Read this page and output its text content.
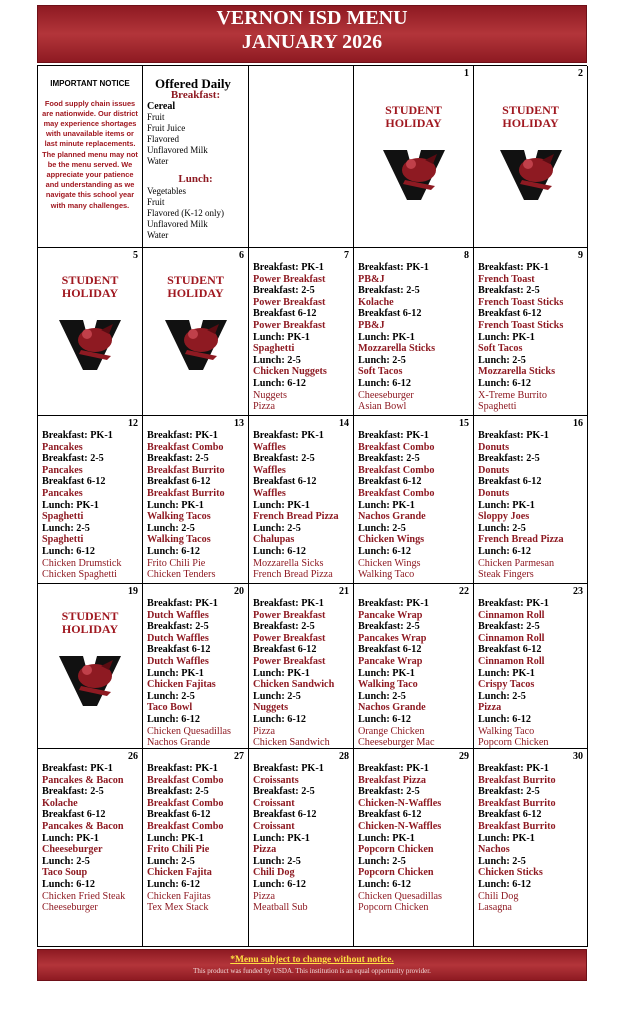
VERNON ISD MENU
JANUARY 2026
IMPORTANT NOTICE
Food supply chain issues are nationwide. Our district may experience shortages with unavailable items or last minute replacements. The planned menu may not be the menu served. We appreciate your patience and understanding as we navigate this school year with many challenges.
Offered Daily
Breakfast:
Cereal
Fruit
Fruit Juice
Flavored
Unflavored Milk
Water
Lunch:
Vegetables
Fruit
Flavored (K-12 only)
Unflavored Milk
Water
1
STUDENT HOLIDAY
2
STUDENT HOLIDAY
5
STUDENT HOLIDAY
6
STUDENT HOLIDAY
7
Breakfast: PK-1
Power Breakfast
Breakfast: 2-5
Power Breakfast
Breakfast 6-12
Power Breakfast
Lunch: PK-1
Spaghetti
Lunch: 2-5
Chicken Nuggets
Lunch: 6-12
Nuggets
Pizza
8
Breakfast: PK-1
PB&J
Breakfast: 2-5
Kolache
Breakfast 6-12
PB&J
Lunch: PK-1
Mozzarella Sticks
Lunch: 2-5
Soft Tacos
Lunch: 6-12
Cheeseburger
Asian Bowl
9
Breakfast: PK-1
French Toast
Breakfast: 2-5
French Toast Sticks
Breakfast 6-12
French Toast Sticks
Lunch: PK-1
Soft Tacos
Lunch: 2-5
Mozzarella Sticks
Lunch: 6-12
X-Treme Burrito
Spaghetti
12
Breakfast: PK-1
Pancakes
Breakfast: 2-5
Pancakes
Breakfast 6-12
Pancakes
Lunch: PK-1
Spaghetti
Lunch: 2-5
Spaghetti
Lunch: 6-12
Chicken Drumstick
Chicken Spaghetti
13
Breakfast: PK-1
Breakfast Combo
Breakfast: 2-5
Breakfast Burrito
Breakfast 6-12
Breakfast Burrito
Lunch: PK-1
Walking Tacos
Lunch: 2-5
Walking Tacos
Lunch: 6-12
Frito Chili Pie
Chicken Tenders
14
Breakfast: PK-1
Waffles
Breakfast: 2-5
Waffles
Breakfast 6-12
Waffles
Lunch: PK-1
French Bread Pizza
Lunch: 2-5
Chalupas
Lunch: 6-12
Mozzarella Sicks
French Bread Pizza
15
Breakfast: PK-1
Breakfast Combo
Breakfast: 2-5
Breakfast Combo
Breakfast 6-12
Breakfast Combo
Lunch: PK-1
Nachos Grande
Lunch: 2-5
Chicken Wings
Lunch: 6-12
Chicken Wings
Walking Taco
16
Breakfast: PK-1
Donuts
Breakfast: 2-5
Donuts
Breakfast 6-12
Donuts
Lunch: PK-1
Sloppy Joes
Lunch: 2-5
French Bread Pizza
Lunch: 6-12
Chicken Parmesan
Steak Fingers
19
STUDENT HOLIDAY
20
Breakfast: PK-1
Dutch Waffles
Breakfast: 2-5
Dutch Waffles
Breakfast 6-12
Dutch Waffles
Lunch: PK-1
Chicken Fajitas
Lunch: 2-5
Taco Bowl
Lunch: 6-12
Chicken Quesadillas
Nachos Grande
21
Breakfast: PK-1
Power Breakfast
Breakfast: 2-5
Power Breakfast
Breakfast 6-12
Power Breakfast
Lunch: PK-1
Chicken Sandwich
Lunch: 2-5
Nuggets
Lunch: 6-12
Pizza
Chicken Sandwich
22
Breakfast: PK-1
Pancake Wrap
Breakfast: 2-5
Pancakes Wrap
Breakfast 6-12
Pancake Wrap
Lunch: PK-1
Walking Taco
Lunch: 2-5
Nachos Grande
Lunch: 6-12
Orange Chicken
Cheeseburger Mac
23
Breakfast: PK-1
Cinnamon Roll
Breakfast: 2-5
Cinnamon Roll
Breakfast 6-12
Cinnamon Roll
Lunch: PK-1
Crispy Tacos
Lunch: 2-5
Pizza
Lunch: 6-12
Walking Taco
Popcorn Chicken
26
Breakfast: PK-1
Pancakes & Bacon
Breakfast: 2-5
Kolache
Breakfast 6-12
Pancakes & Bacon
Lunch: PK-1
Cheeseburger
Lunch: 2-5
Taco Soup
Lunch: 6-12
Chicken Fried Steak
Cheeseburger
27
Breakfast: PK-1
Breakfast Combo
Breakfast: 2-5
Breakfast Combo
Breakfast 6-12
Breakfast Combo
Lunch: PK-1
Frito Chili Pie
Lunch: 2-5
Chicken Fajita
Lunch: 6-12
Chicken Fajitas
Tex Mex Stack
28
Breakfast: PK-1
Croissants
Breakfast: 2-5
Croissant
Breakfast 6-12
Croissant
Lunch: PK-1
Pizza
Lunch: 2-5
Chili Dog
Lunch: 6-12
Pizza
Meatball Sub
29
Breakfast: PK-1
Breakfast Pizza
Breakfast: 2-5
Chicken-N-Waffles
Breakfast 6-12
Chicken-N-Waffles
Lunch: PK-1
Popcorn Chicken
Lunch: 2-5
Popcorn Chicken
Lunch: 6-12
Chicken Quesadillas
Popcorn Chicken
30
Breakfast: PK-1
Breakfast Burrito
Breakfast: 2-5
Breakfast Burrito
Breakfast 6-12
Breakfast Burrito
Lunch: PK-1
Nachos
Lunch: 2-5
Chicken Sticks
Lunch: 6-12
Chili Dog
Lasagna
*Menu subject to change without notice.
This product was funded by USDA. This institution is an equal opportunity provider.
